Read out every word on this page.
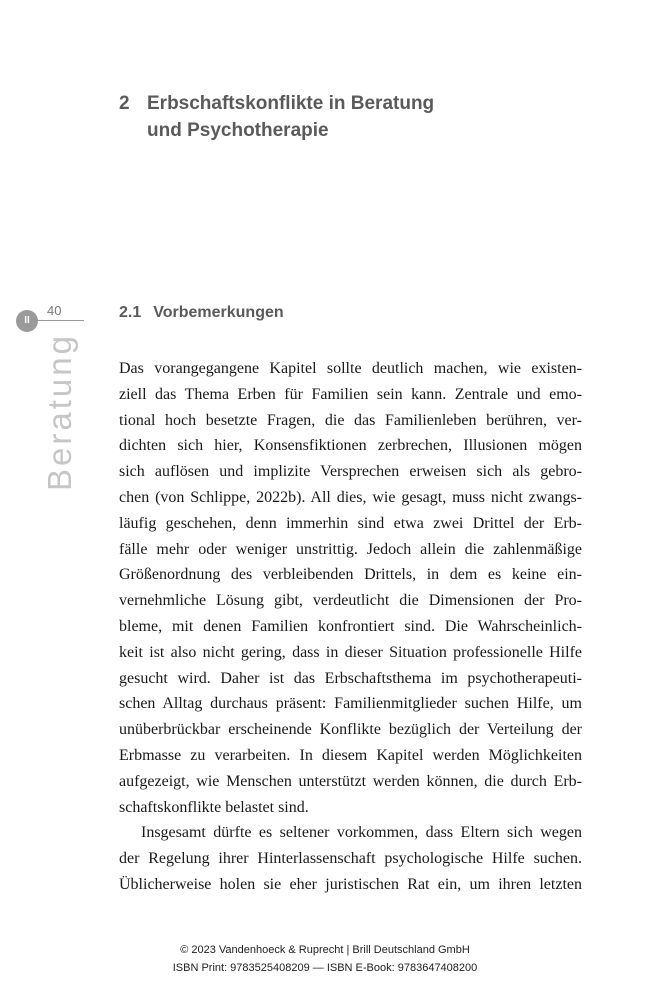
2 Erbschaftskonflikte in Beratung
und Psychotherapie
II
40
Beratung
2.1 Vorbemerkungen
Das vorangegangene Kapitel sollte deutlich machen, wie existen-
ziell das Thema Erben für Familien sein kann. Zentrale und emo-
tional hoch besetzte Fragen, die das Familienleben berühren, ver-
dichten sich hier, Konsensfiktionen zerbrechen, Illusionen mögen
sich auflösen und implizite Versprechen erweisen sich als gebro-
chen (von Schlippe, 2022b). All dies, wie gesagt, muss nicht zwangs-
läufig geschehen, denn immerhin sind etwa zwei Drittel der Erb-
fälle mehr oder weniger unstrittig. Jedoch allein die zahlenmäßige
Größenordnung des verbleibenden Drittels, in dem es keine ein-
vernehmliche Lösung gibt, verdeutlicht die Dimensionen der Pro-
bleme, mit denen Familien konfrontiert sind. Die Wahrscheinlich-
keit ist also nicht gering, dass in dieser Situation professionelle Hilfe
gesucht wird. Daher ist das Erbschaftsthema im psychotherapeuti-
schen Alltag durchaus präsent: Familienmitglieder suchen Hilfe, um
unüberbrückbar erscheinende Konflikte bezüglich der Verteilung der
Erbmasse zu verarbeiten. In diesem Kapitel werden Möglichkeiten
aufgezeigt, wie Menschen unterstützt werden können, die durch Erb-
schaftskonflikte belastet sind.
Insgesamt dürfte es seltener vorkommen, dass Eltern sich wegen
der Regelung ihrer Hinterlassenschaft psychologische Hilfe suchen.
Üblicherweise holen sie eher juristischen Rat ein, um ihren letzten
© 2023 Vandenhoeck & Ruprecht | Brill Deutschland GmbH
ISBN Print: 9783525408209 — ISBN E-Book: 9783647408200
